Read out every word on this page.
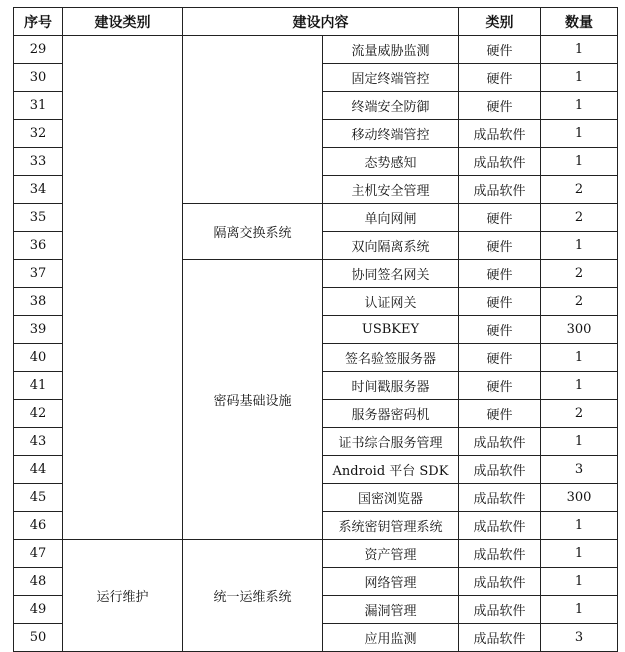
序号	建设类别	建设内容		类别	数量
29			流量威胁监测	硬件	1
30			固定终端管控	硬件	1
31			终端安全防御	硬件	1
32			移动终端管控	成品软件	1
33			态势感知	成品软件	1
34			主机安全管理	成品软件	2
35		隔离交换系统	单向网闸	硬件	2
36			双向隔离系统	硬件	1
37		密码基础设施	协同签名网关	硬件	2
38			认证网关	硬件	2
39			USBKEY	硬件	300
40			签名验签服务器	硬件	1
41			时间戳服务器	硬件	1
42			服务器密码机	硬件	2
43			证书综合服务管理	成品软件	1
44			Android 平台 SDK	成品软件	3
45			国密浏览器	成品软件	300
46			系统密钥管理系统	成品软件	1
47	运行维护	统一运维系统	资产管理	成品软件	1
48			网络管理	成品软件	1
49			漏洞管理	成品软件	1
50			应用监测	成品软件	3
